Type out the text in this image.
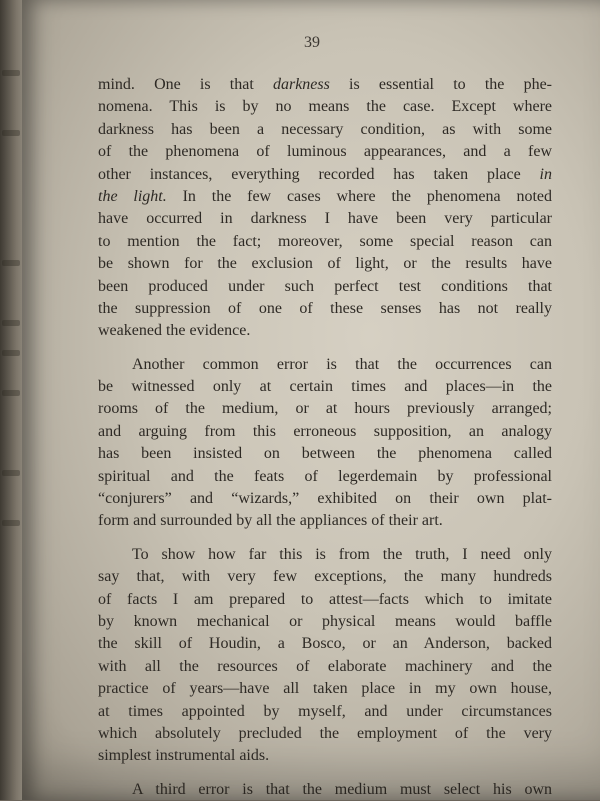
39
mind. One is that darkness is essential to the phe-
nomena. This is by no means the case. Except where
darkness has been a necessary condition, as with some
of the phenomena of luminous appearances, and a few
other instances, everything recorded has taken place in
the light. In the few cases where the phenomena noted
have occurred in darkness I have been very particular
to mention the fact; moreover, some special reason can
be shown for the exclusion of light, or the results have
been produced under such perfect test conditions that
the suppression of one of these senses has not really
weakened the evidence.
Another common error is that the occurrences can
be witnessed only at certain times and places—in the
rooms of the medium, or at hours previously arranged;
and arguing from this erroneous supposition, an analogy
has been insisted on between the phenomena called
spiritual and the feats of legerdemain by professional
“conjurers” and “wizards,” exhibited on their own plat-
form and surrounded by all the appliances of their art.
To show how far this is from the truth, I need only
say that, with very few exceptions, the many hundreds
of facts I am prepared to attest—facts which to imitate
by known mechanical or physical means would baffle
the skill of Houdin, a Bosco, or an Anderson, backed
with all the resources of elaborate machinery and the
practice of years—have all taken place in my own house,
at times appointed by myself, and under circumstances
which absolutely precluded the employment of the very
simplest instrumental aids.
A third error is that the medium must select his own
